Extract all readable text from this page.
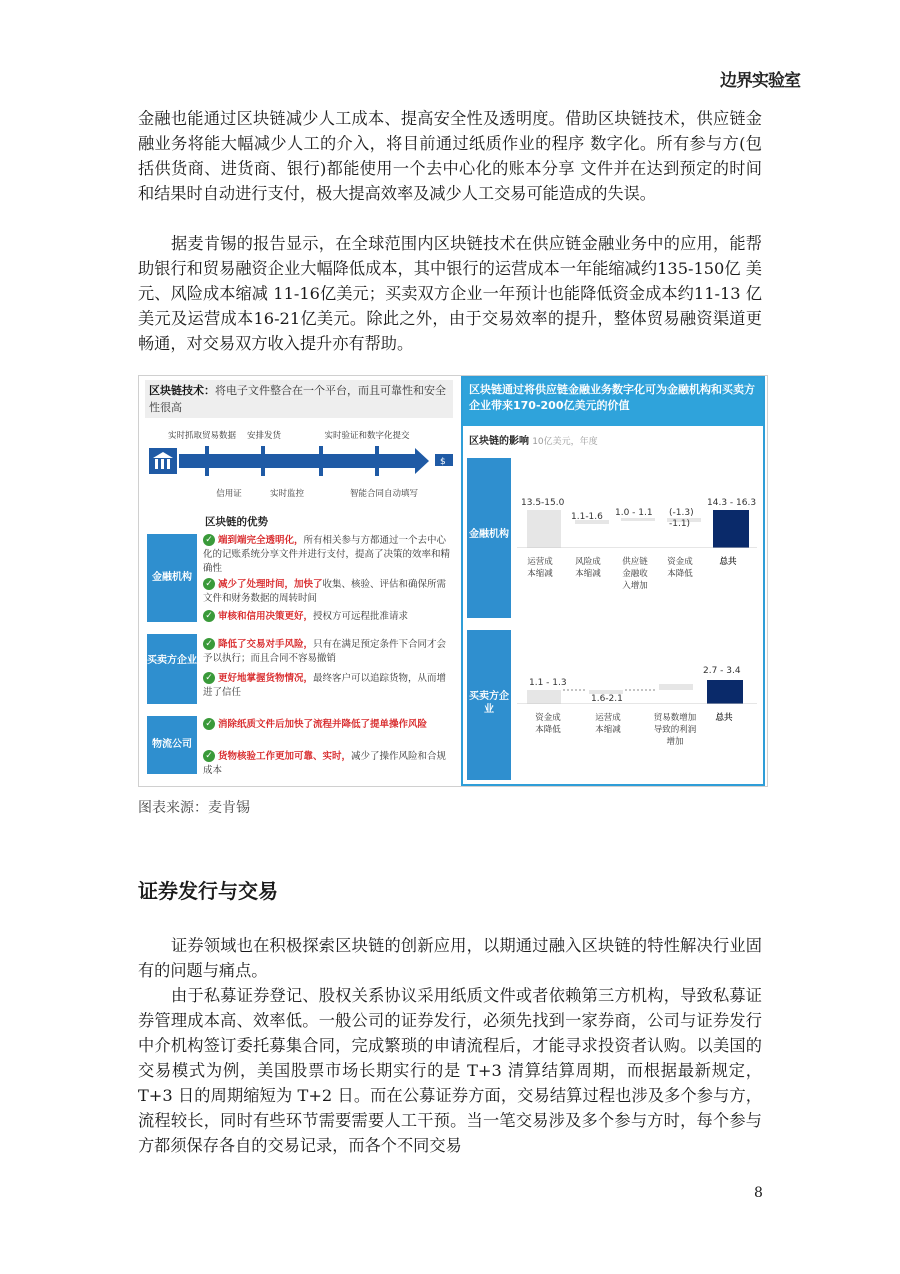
边界实验室
金融也能通过区块链减少人工成本、提高安全性及透明度。借助区块链技术，供应链金融业务将能大幅减少人工的介入，将目前通过纸质作业的程序 数字化。所有参与方(包括供货商、进货商、银行)都能使用一个去中心化的账本分享 文件并在达到预定的时间和结果时自动进行支付，极大提高效率及减少人工交易可能造成的失误。
据麦肯锡的报告显示，在全球范围内区块链技术在供应链金融业务中的应用，能帮助银行和贸易融资企业大幅降低成本，其中银行的运营成本一年能缩减约135-150亿 美元、风险成本缩减 11-16亿美元；买卖双方企业一年预计也能降低资金成本约11-13 亿美元及运营成本16-21亿美元。除此之外，由于交易效率的提升，整体贸易融资渠道更畅通，对交易双方收入提升亦有帮助。
区块链技术：将电子文件整合在一个平台，而且可靠性和安全性很高
实时抓取贸易数据	安排发货	实时验证和数字化提交
$
信用证	实时监控	智能合同自动填写
区块链的优势
金融机构
✓ 端到端完全透明化，所有相关参与方都通过一个去中心化的记账系统分享文件并进行支付，提高了决策的效率和精确性
✓ 减少了处理时间，加快了收集、核验、评估和确保所需文件和财务数据的周转时间
✓ 审核和信用决策更好，授权方可远程批准请求
买卖方企业
✓ 降低了交易对手风险，只有在满足预定条件下合同才会予以执行；而且合同不容易撤销
✓ 更好地掌握货物情况，最终客户可以追踪货物，从而增进了信任
物流公司
✓ 消除纸质文件后加快了流程并降低了提单操作风险
✓ 货物核验工作更加可靠、实时，减少了操作风险和合规成本
区块链通过将供应链金融业务数字化可为金融机构和买卖方企业带来170-200亿美元的价值
区块链的影响 10亿美元，年度
金融机构
买卖方企业
13.5-15.0
1.1-1.6 1.0 - 1.1 (-1.3)
-1.1)
14.3 - 16.3
运营成本缩减
风险成本缩减
供应链金融收入增加
资金成本降低
总共
1.1 - 1.3
1.6-2.1
2.7 - 3.4
资金成本降低
运营成本缩减
贸易数增加导致的利润增加
总共
图表来源：麦肯锡
证券发行与交易
证券领域也在积极探索区块链的创新应用，以期通过融入区块链的特性解决行业固有的问题与痛点。
由于私募证券登记、股权关系协议采用纸质文件或者依赖第三方机构，导致私募证券管理成本高、效率低。一般公司的证券发行，必须先找到一家券商，公司与证券发行中介机构签订委托募集合同，完成繁琐的申请流程后，才能寻求投资者认购。以美国的交易模式为例，美国股票市场长期实行的是 T+3 清算结算周期，而根据最新规定，T+3 日的周期缩短为 T+2 日。而在公募证券方面，交易结算过程也涉及多个参与方，流程较长，同时有些环节需要需要人工干预。当一笔交易涉及多个参与方时，每个参与方都须保存各自的交易记录，而各个不同交易
8
